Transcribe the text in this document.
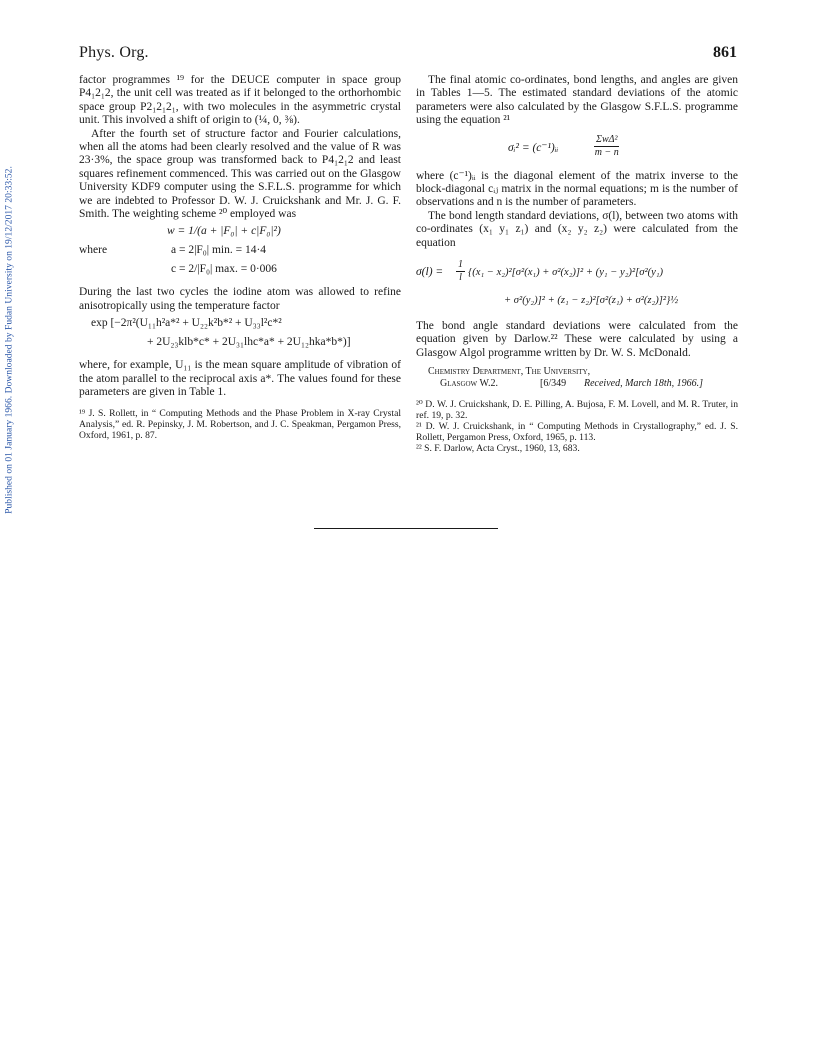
Published on 01 January 1966. Downloaded by Fudan University on 19/12/2017 20:33:52.
Phys. Org.	861

factor programmes ¹⁹ for the DEUCE computer in space group P4₁2₁2, the unit cell was treated as if it belonged to the orthorhombic space group P2₁2₁2₁, with two molecules in the asymmetric crystal unit. This involved a shift of origin to (¼, 0, ⅜).

After the fourth set of structure factor and Fourier calculations, when all the atoms had been clearly resolved and the value of R was 23·3%, the space group was transformed back to P4₁2₁2 and least squares refinement commenced. This was carried out on the Glasgow University KDF9 computer using the S.F.L.S. programme for which we are indebted to Professor D. W. J. Cruickshank and Mr. J. G. F. Smith. The weighting scheme ²⁰ employed was

w = 1/(a + |F₀| + c|F₀|²)
where	a = 2|F₀| min. = 14·4
c = 2/|F₀| max. = 0·006

During the last two cycles the iodine atom was allowed to refine anisotropically using the temperature factor

exp [−2π²(U₁₁h²a*² + U₂₂k²b*² + U₃₃l²c*²
+ 2U₂₃klb*c* + 2U₃₁lhc*a* + 2U₁₂hka*b*)]

where, for example, U₁₁ is the mean square amplitude of vibration of the atom parallel to the reciprocal axis a*. The values found for these parameters are given in Table 1.

¹⁹ J. S. Rollett, in “ Computing Methods and the Phase Problem in X-ray Crystal Analysis,” ed. R. Pepinsky, J. M. Robertson, and J. C. Speakman, Pergamon Press, Oxford, 1961, p. 87.

The final atomic co-ordinates, bond lengths, and angles are given in Tables 1—5. The estimated standard deviations of the atomic parameters were also calculated by the Glasgow S.F.L.S. programme using the equation ²¹

σᵢ² = (c⁻¹)ᵢᵢ
ΣwΔ²
m − n

where (c⁻¹)ᵢᵢ is the diagonal element of the matrix inverse to the block-diagonal cᵢⱼ matrix in the normal equations; m is the number of observations and n is the number of parameters.

The bond length standard deviations, σ(l), between two atoms with co-ordinates (x₁ y₁ z₁) and (x₂ y₂ z₂) were calculated from the equation

$\sigma(l) = \frac{1}{l} \{(x_1 - x_2)^2[\sigma^2(x_1) + \sigma^2(x_2)]^2 + (y_1 - y_2)^2[\sigma^2(y_1)$
+ σ²(y₂)]² + (z₁ − z₂)²[σ²(z₁) + σ²(z₂)]²}½

The bond angle standard deviations were calculated from the equation given by Darlow.²² These were calculated by using a Glasgow Algol programme written by Dr. W. S. McDonald.

Chemistry Department, The University,
Glasgow W.2.	[6/349 Received, March 18th, 1966.]

²⁰ D. W. J. Cruickshank, D. E. Pilling, A. Bujosa, F. M. Lovell, and M. R. Truter, in ref. 19, p. 32.

²¹ D. W. J. Cruickshank, in “ Computing Methods in Crystallography,” ed. J. S. Rollett, Pergamon Press, Oxford, 1965, p. 113.

²² S. F. Darlow, Acta Cryst., 1960, 13, 683.
